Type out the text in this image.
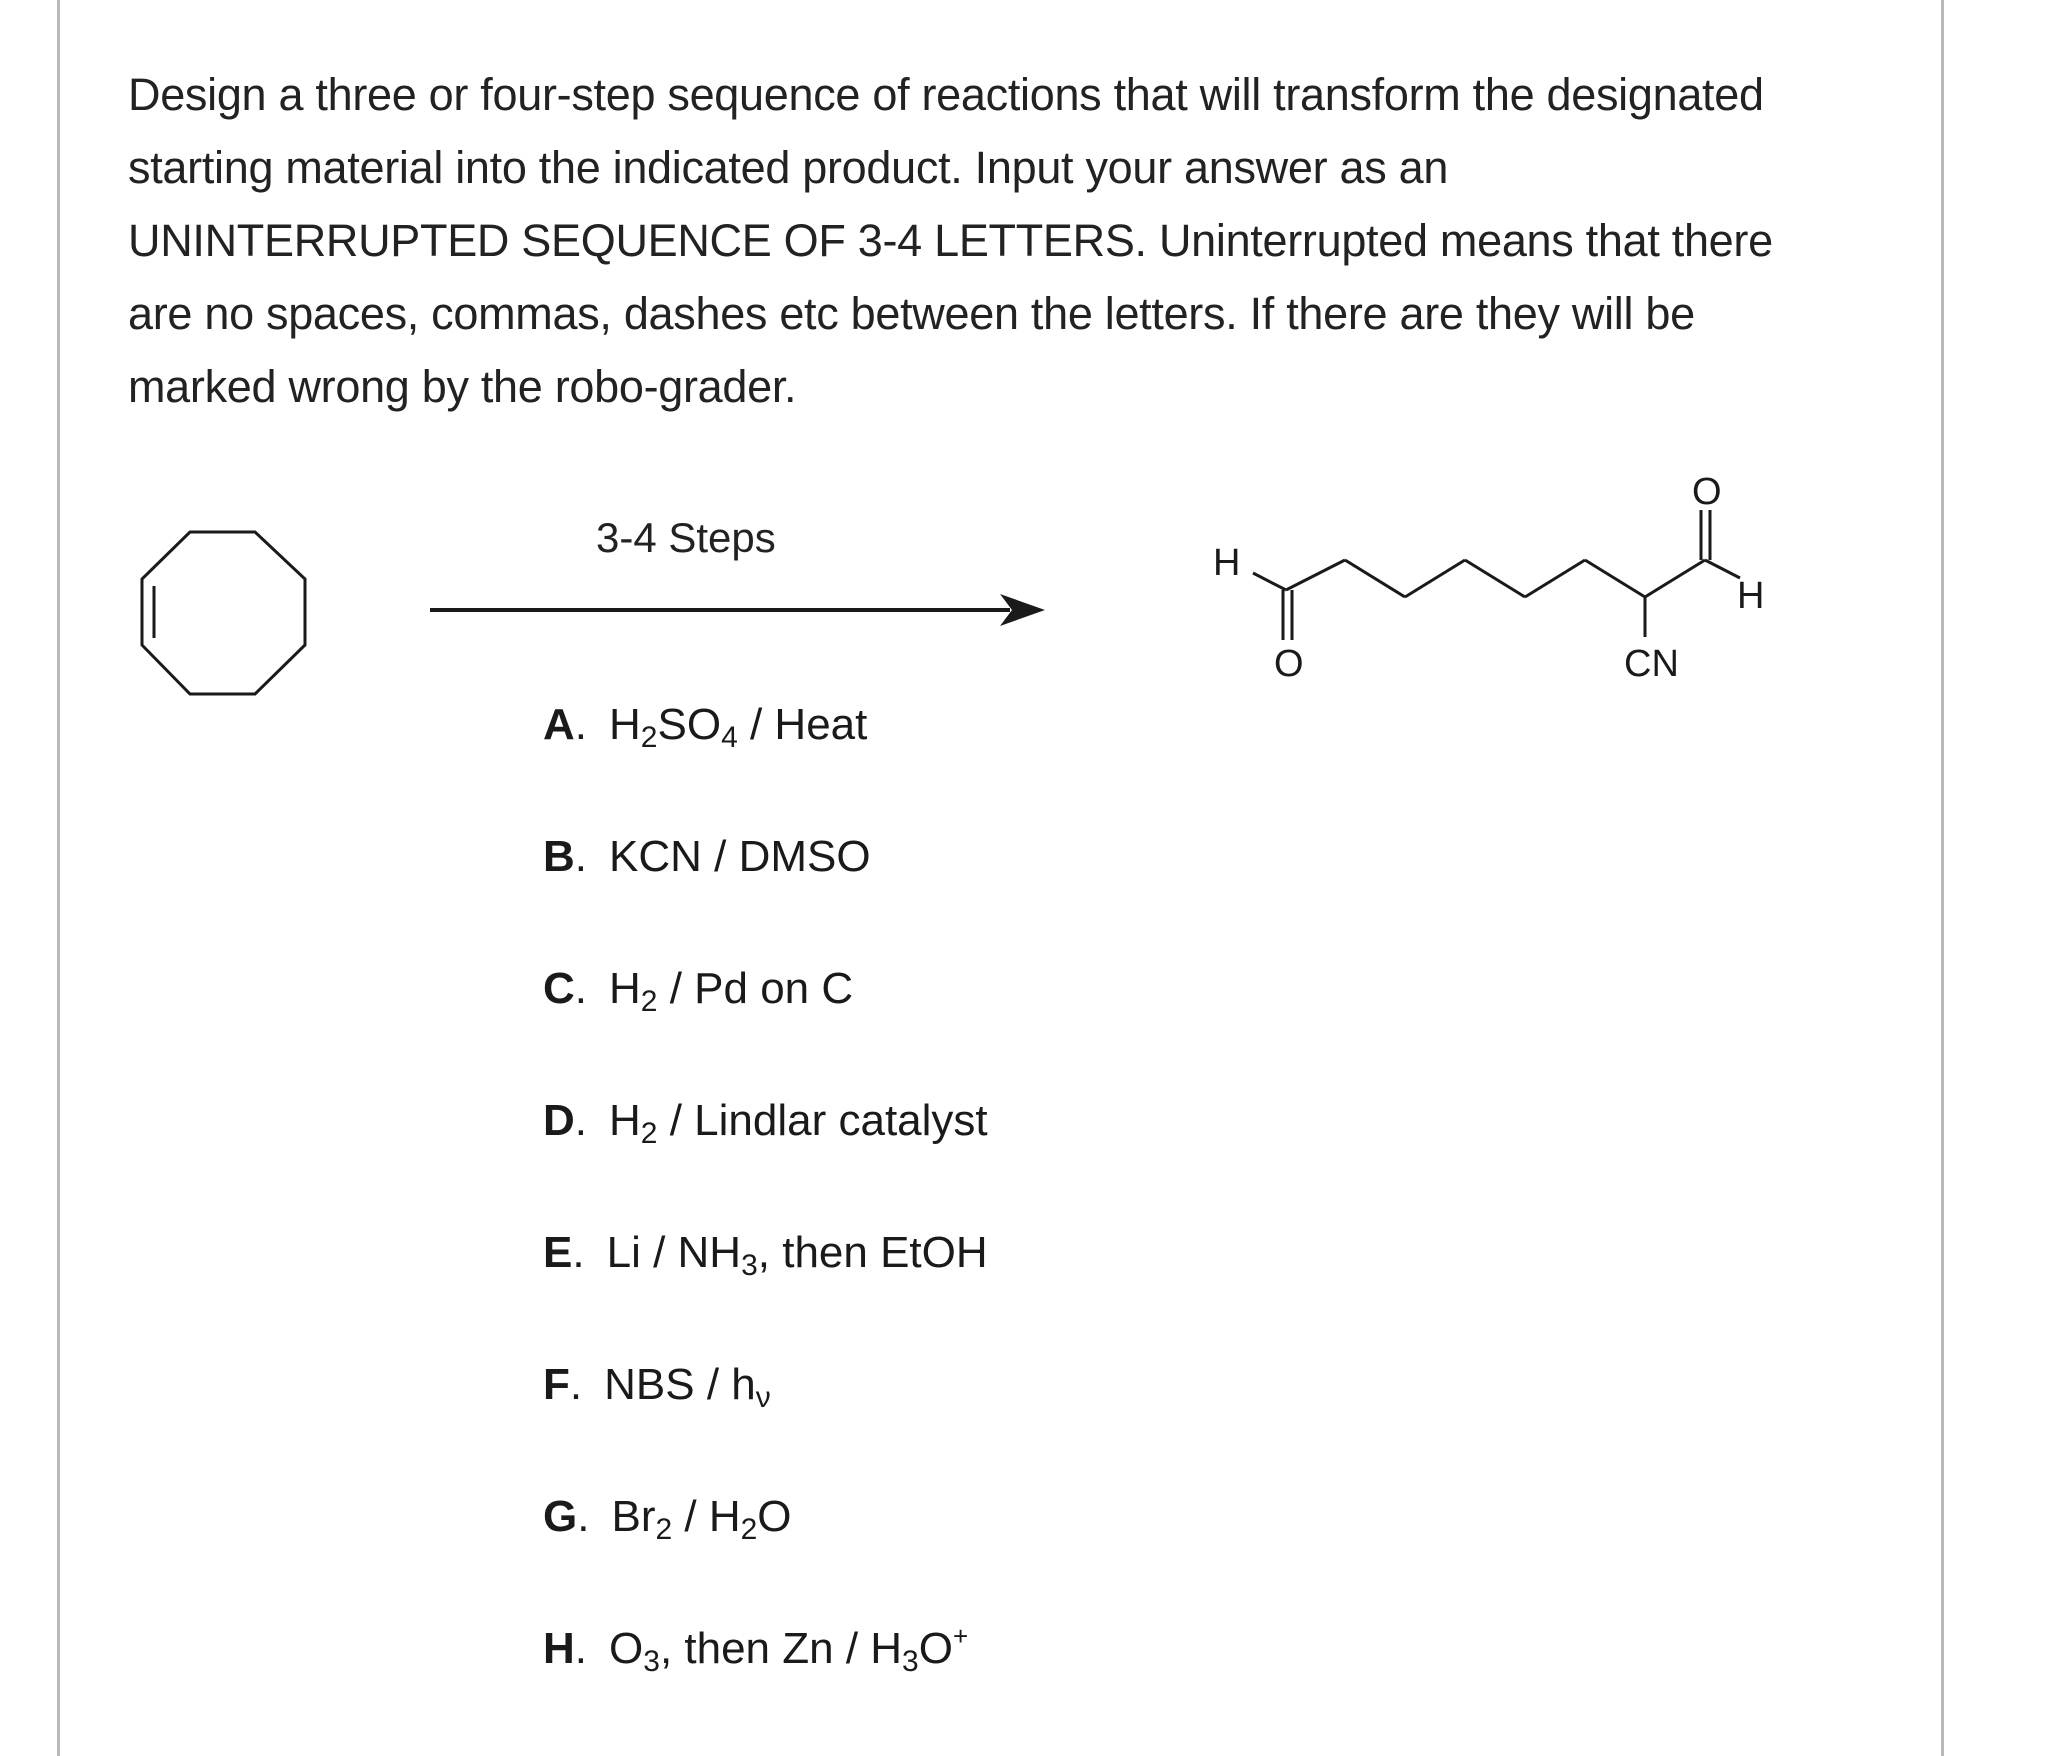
Design a three or four-step sequence of reactions that will transform the designated
starting material into the indicated product. Input your answer as an
UNINTERRUPTED SEQUENCE OF 3-4 LETTERS. Uninterrupted means that there
are no spaces, commas, dashes etc between the letters. If there are they will be
marked wrong by the robo-grader.
H
O
O
H
CN
3-4 Steps
A. $H_2SO_4$ / Heat
B. KCN / DMSO
C. $H_2$ / Pd on C
D. $H_2$ / Lindlar catalyst
E. Li / $NH_3$, then EtOH
F. NBS / $h_\nu$
G. $Br_2 / H_2O$
H. $O_3$, then Zn / $H_3O^+$
